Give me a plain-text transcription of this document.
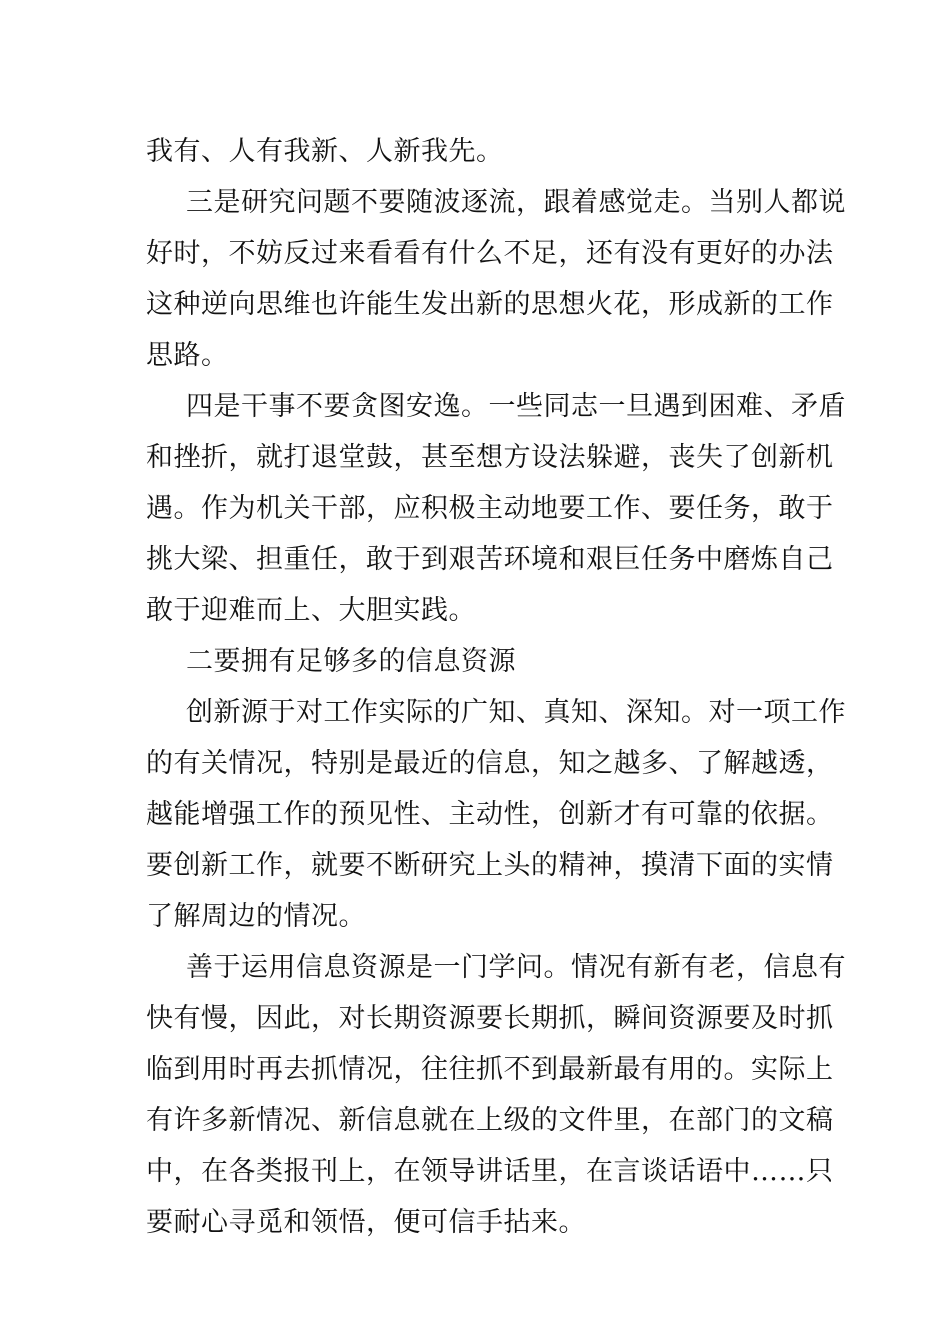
我有、人有我新、人新我先。
三是研究问题不要随波逐流，跟着感觉走。当别人都说
好时，不妨反过来看看有什么不足，还有没有更好的办法
这种逆向思维也许能生发出新的思想火花，形成新的工作
思路。
四是干事不要贪图安逸。一些同志一旦遇到困难、矛盾
和挫折，就打退堂鼓，甚至想方设法躲避，丧失了创新机
遇。作为机关干部，应积极主动地要工作、要任务，敢于
挑大梁、担重任，敢于到艰苦环境和艰巨任务中磨炼自己
敢于迎难而上、大胆实践。
二要拥有足够多的信息资源
创新源于对工作实际的广知、真知、深知。对一项工作
的有关情况，特别是最近的信息，知之越多、了解越透，
越能增强工作的预见性、主动性，创新才有可靠的依据。
要创新工作，就要不断研究上头的精神，摸清下面的实情
了解周边的情况。
善于运用信息资源是一门学问。情况有新有老，信息有
快有慢，因此，对长期资源要长期抓，瞬间资源要及时抓
临到用时再去抓情况，往往抓不到最新最有用的。实际上
有许多新情况、新信息就在上级的文件里，在部门的文稿
中，在各类报刊上，在领导讲话里，在言谈话语中……只
要耐心寻觅和领悟，便可信手拈来。
